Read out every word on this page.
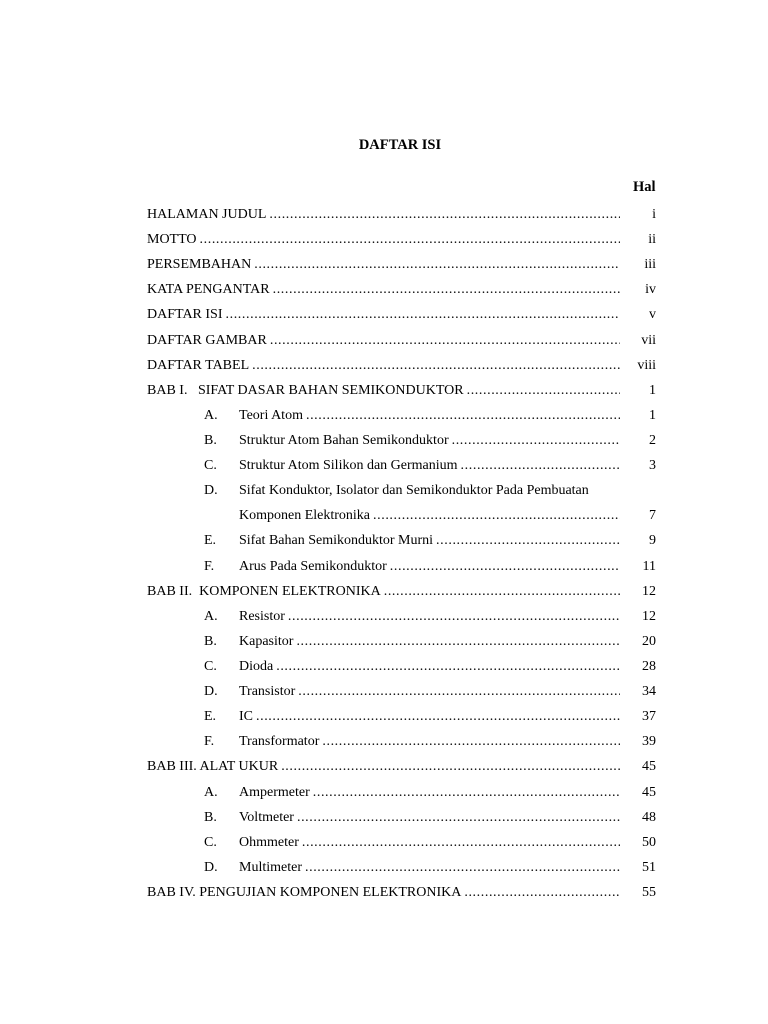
DAFTAR ISI
Hal
HALAMAN JUDUL .....	i
MOTTO .....	ii
PERSEMBAHAN .....	iii
KATA PENGANTAR .....	iv
DAFTAR ISI .....	v
DAFTAR GAMBAR .....	vii
DAFTAR TABEL .....	viii
BAB I.   SIFAT DASAR BAHAN SEMIKONDUKTOR .....	1
A. Teori Atom .....	1
B. Struktur Atom Bahan Semikonduktor .....	2
C. Struktur Atom Silikon dan Germanium .....	3
D. Sifat Konduktor, Isolator dan Semikonduktor Pada Pembuatan
Komponen Elektronika .....	7
E. Sifat Bahan Semikonduktor Murni .....	9
F. Arus Pada Semikonduktor .....	11
BAB II.  KOMPONEN ELEKTRONIKA .....	12
A. Resistor .....	12
B. Kapasitor .....	20
C. Dioda .....	28
D. Transistor .....	34
E. IC .....	37
F. Transformator .....	39
BAB III. ALAT UKUR .....	45
A. Ampermeter .....	45
B. Voltmeter .....	48
C. Ohmmeter .....	50
D. Multimeter .....	51
BAB IV. PENGUJIAN KOMPONEN ELEKTRONIKA .....	55
